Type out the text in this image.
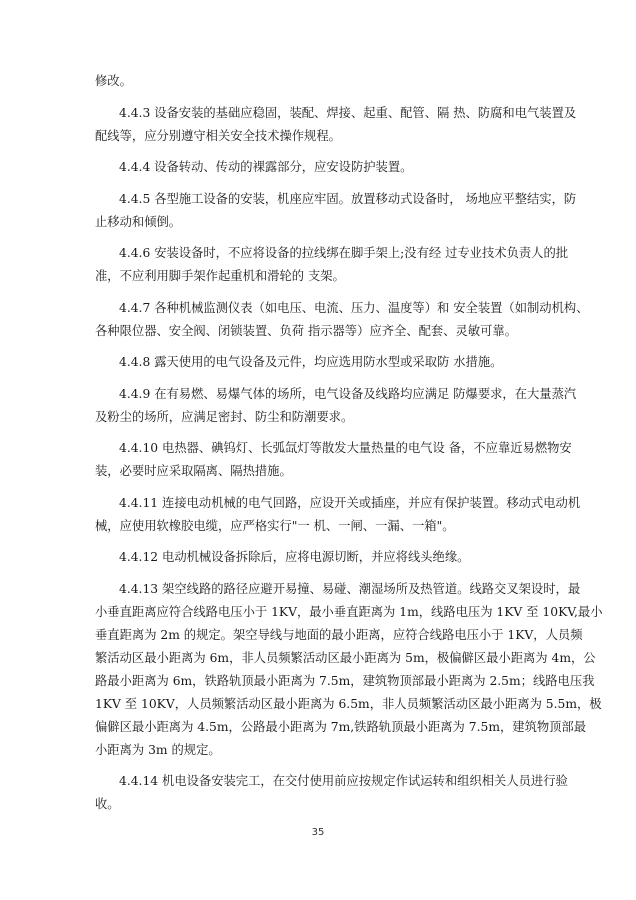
修改。
4.4.3 设备安装的基础应稳固，装配、焊接、起重、配管、隔 热、防腐和电气装置及
配线等，应分别遵守相关安全技术操作规程。
4.4.4 设备转动、传动的裸露部分，应安设防护装置。
4.4.5 各型施工设备的安装，机座应牢固。放置移动式设备时， 场地应平整结实，防
止移动和倾倒。
4.4.6 安装设备时，不应将设备的拉线绑在脚手架上;没有经 过专业技术负责人的批
准，不应利用脚手架作起重机和滑轮的 支架。
4.4.7 各种机械监测仪表（如电压、电流、压力、温度等）和 安全装置（如制动机构、
各种限位器、安全阀、闭锁装置、负荷 指示器等）应齐全、配套、灵敏可靠。
4.4.8 露天使用的电气设备及元件，均应选用防水型或采取防 水措施。
4.4.9 在有易燃、易爆气体的场所，电气设备及线路均应满足 防爆要求，在大量蒸汽
及粉尘的场所，应满足密封、防尘和防潮要求。
4.4.10 电热器、碘钨灯、长弧氙灯等散发大量热量的电气设 备，不应靠近易燃物安
装，必要时应采取隔离、隔热措施。
4.4.11 连接电动机械的电气回路，应设开关或插座，并应有保护装置。移动式电动机
械，应使用软橡胶电缆，应严格实行"一 机、一闸、一漏、一箱"。
4.4.12 电动机械设备拆除后，应将电源切断，并应将线头绝缘。
4.4.13 架空线路的路径应避开易撞、易碰、潮湿场所及热管道。线路交叉架设时，最
小垂直距离应符合线路电压小于 1KV，最小垂直距离为 1m，线路电压为 1KV 至 10KV,最小
垂直距离为 2m 的规定。架空导线与地面的最小距离，应符合线路电压小于 1KV，人员频
繁活动区最小距离为 6m，非人员频繁活动区最小距离为 5m，极偏僻区最小距离为 4m，公
路最小距离为 6m，铁路轨顶最小距离为 7.5m，建筑物顶部最小距离为 2.5m；线路电压我
1KV 至 10KV，人员频繁活动区最小距离为 6.5m，非人员频繁活动区最小距离为 5.5m，极
偏僻区最小距离为 4.5m，公路最小距离为 7m,铁路轨顶最小距离为 7.5m，建筑物顶部最
小距离为 3m 的规定。
4.4.14 机电设备安装完工，在交付使用前应按规定作试运转和组织相关人员进行验
收。
35
